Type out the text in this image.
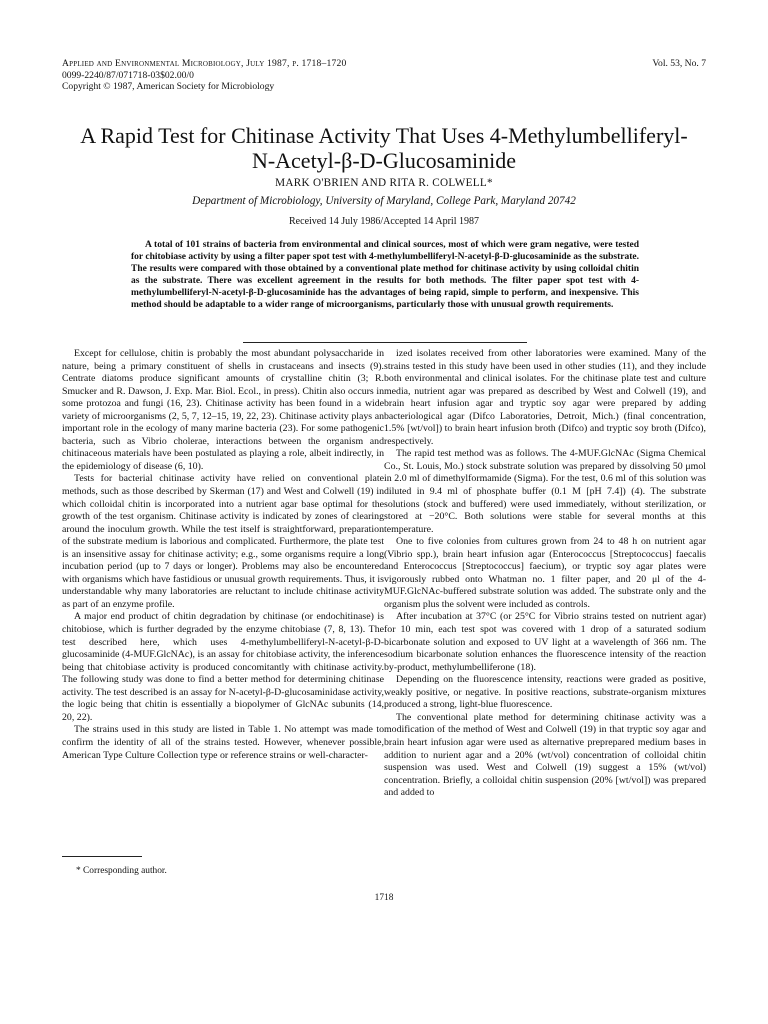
Applied and Environmental Microbiology, July 1987, p. 1718–1720
0099-2240/87/071718-03$02.00/0
Copyright © 1987, American Society for Microbiology
Vol. 53, No. 7
A Rapid Test for Chitinase Activity That Uses 4-Methylumbelliferyl-
N-Acetyl-β-D-Glucosaminide
MARK O'BRIEN AND RITA R. COLWELL*
Department of Microbiology, University of Maryland, College Park, Maryland 20742
Received 14 July 1986/Accepted 14 April 1987
A total of 101 strains of bacteria from environmental and clinical sources, most of which were gram negative, were tested for chitobiase activity by using a filter paper spot test with 4-methylumbelliferyl-N-acetyl-β-D-glucosaminide as the substrate. The results were compared with those obtained by a conventional plate method for chitinase activity by using colloidal chitin as the substrate. There was excellent agreement in the results for both methods. The filter paper spot test with 4-methylumbelliferyl-N-acetyl-β-D-glucosaminide has the advantages of being rapid, simple to perform, and inexpensive. This method should be adaptable to a wider range of microorganisms, particularly those with unusual growth requirements.

Except for cellulose, chitin is probably the most abundant polysaccharide in nature, being a primary constituent of shells in crustaceans and insects (9). Centrate diatoms produce significant amounts of crystalline chitin (3; R. Smucker and R. Dawson, J. Exp. Mar. Biol. Ecol., in press). Chitin also occurs in some protozoa and fungi (16, 23). Chitinase activity has been found in a wide variety of microorganisms (2, 5, 7, 12–15, 19, 22, 23). Chitinase activity plays an important role in the ecology of many marine bacteria (23). For some pathogenic bacteria, such as Vibrio cholerae, interactions between the organism and chitinaceous materials have been postulated as playing a role, albeit indirectly, in the epidemiology of disease (6, 10).

Tests for bacterial chitinase activity have relied on conventional plate methods, such as those described by Skerman (17) and West and Colwell (19) in which colloidal chitin is incorporated into a nutrient agar base optimal for the growth of the test organism. Chitinase activity is indicated by zones of clearing around the inoculum growth. While the test itself is straightforward, preparation of the substrate medium is laborious and complicated. Furthermore, the plate test is an insensitive assay for chitinase activity; e.g., some organisms require a long incubation period (up to 7 days or longer). Problems may also be encountered with organisms which have fastidious or unusual growth requirements. Thus, it is understandable why many laboratories are reluctant to include chitinase activity as part of an enzyme profile.

A major end product of chitin degradation by chitinase (or endochitinase) is chitobiose, which is further degraded by the enzyme chitobiase (7, 8, 13). The test described here, which uses 4-methylumbelliferyl-N-acetyl-β-D-glucosaminide (4-MUF.GlcNAc), is an assay for chitobiase activity, the inference being that chitobiase activity is produced concomitantly with chitinase activity. The following study was done to find a better method for determining chitinase activity. The test described is an assay for N-acetyl-β-D-glucosaminidase activity, the logic being that chitin is essentially a biopolymer of GlcNAc subunits (14, 20, 22).

The strains used in this study are listed in Table 1. No attempt was made to confirm the identity of all of the strains tested. However, whenever possible, American Type Culture Collection type or reference strains or well-character-

ized isolates received from other laboratories were examined. Many of the strains tested in this study have been used in other studies (11), and they include both environmental and clinical isolates. For the chitinase plate test and culture media, nutrient agar was prepared as described by West and Colwell (19), and brain heart infusion agar and tryptic soy agar were prepared by adding bacteriological agar (Difco Laboratories, Detroit, Mich.) (final concentration, 1.5% [wt/vol]) to brain heart infusion broth (Difco) and tryptic soy broth (Difco), respectively.

The rapid test method was as follows. The 4-MUF.GlcNAc (Sigma Chemical Co., St. Louis, Mo.) stock substrate solution was prepared by dissolving 50 μmol in 2.0 ml of dimethylformamide (Sigma). For the test, 0.6 ml of this solution was diluted in 9.4 ml of phosphate buffer (0.1 M [pH 7.4]) (4). The substrate solutions (stock and buffered) were used immediately, without sterilization, or stored at −20°C. Both solutions were stable for several months at this temperature.

One to five colonies from cultures grown from 24 to 48 h on nutrient agar (Vibrio spp.), brain heart infusion agar (Enterococcus [Streptococcus] faecalis and Enterococcus [Streptococcus] faecium), or tryptic soy agar plates were vigorously rubbed onto Whatman no. 1 filter paper, and 20 μl of the 4-MUF.GlcNAc-buffered substrate solution was added. The substrate only and the organism plus the solvent were included as controls.

After incubation at 37°C (or 25°C for Vibrio strains tested on nutrient agar) for 10 min, each test spot was covered with 1 drop of a saturated sodium bicarbonate solution and exposed to UV light at a wavelength of 366 nm. The sodium bicarbonate solution enhances the fluorescence intensity of the reaction by-product, methylumbelliferone (18).

Depending on the fluorescence intensity, reactions were graded as positive, weakly positive, or negative. In positive reactions, substrate-organism mixtures produced a strong, light-blue fluorescence.

The conventional plate method for determining chitinase activity was a modification of the method of West and Colwell (19) in that tryptic soy agar and brain heart infusion agar were used as alternative preprepared medium bases in addition to nurient agar and a 20% (wt/vol) concentration of colloidal chitin suspension was used. West and Colwell (19) suggest a 15% (wt/vol) concentration. Briefly, a colloidal chitin suspension (20% [wt/vol]) was prepared and added to

* Corresponding author.
1718
